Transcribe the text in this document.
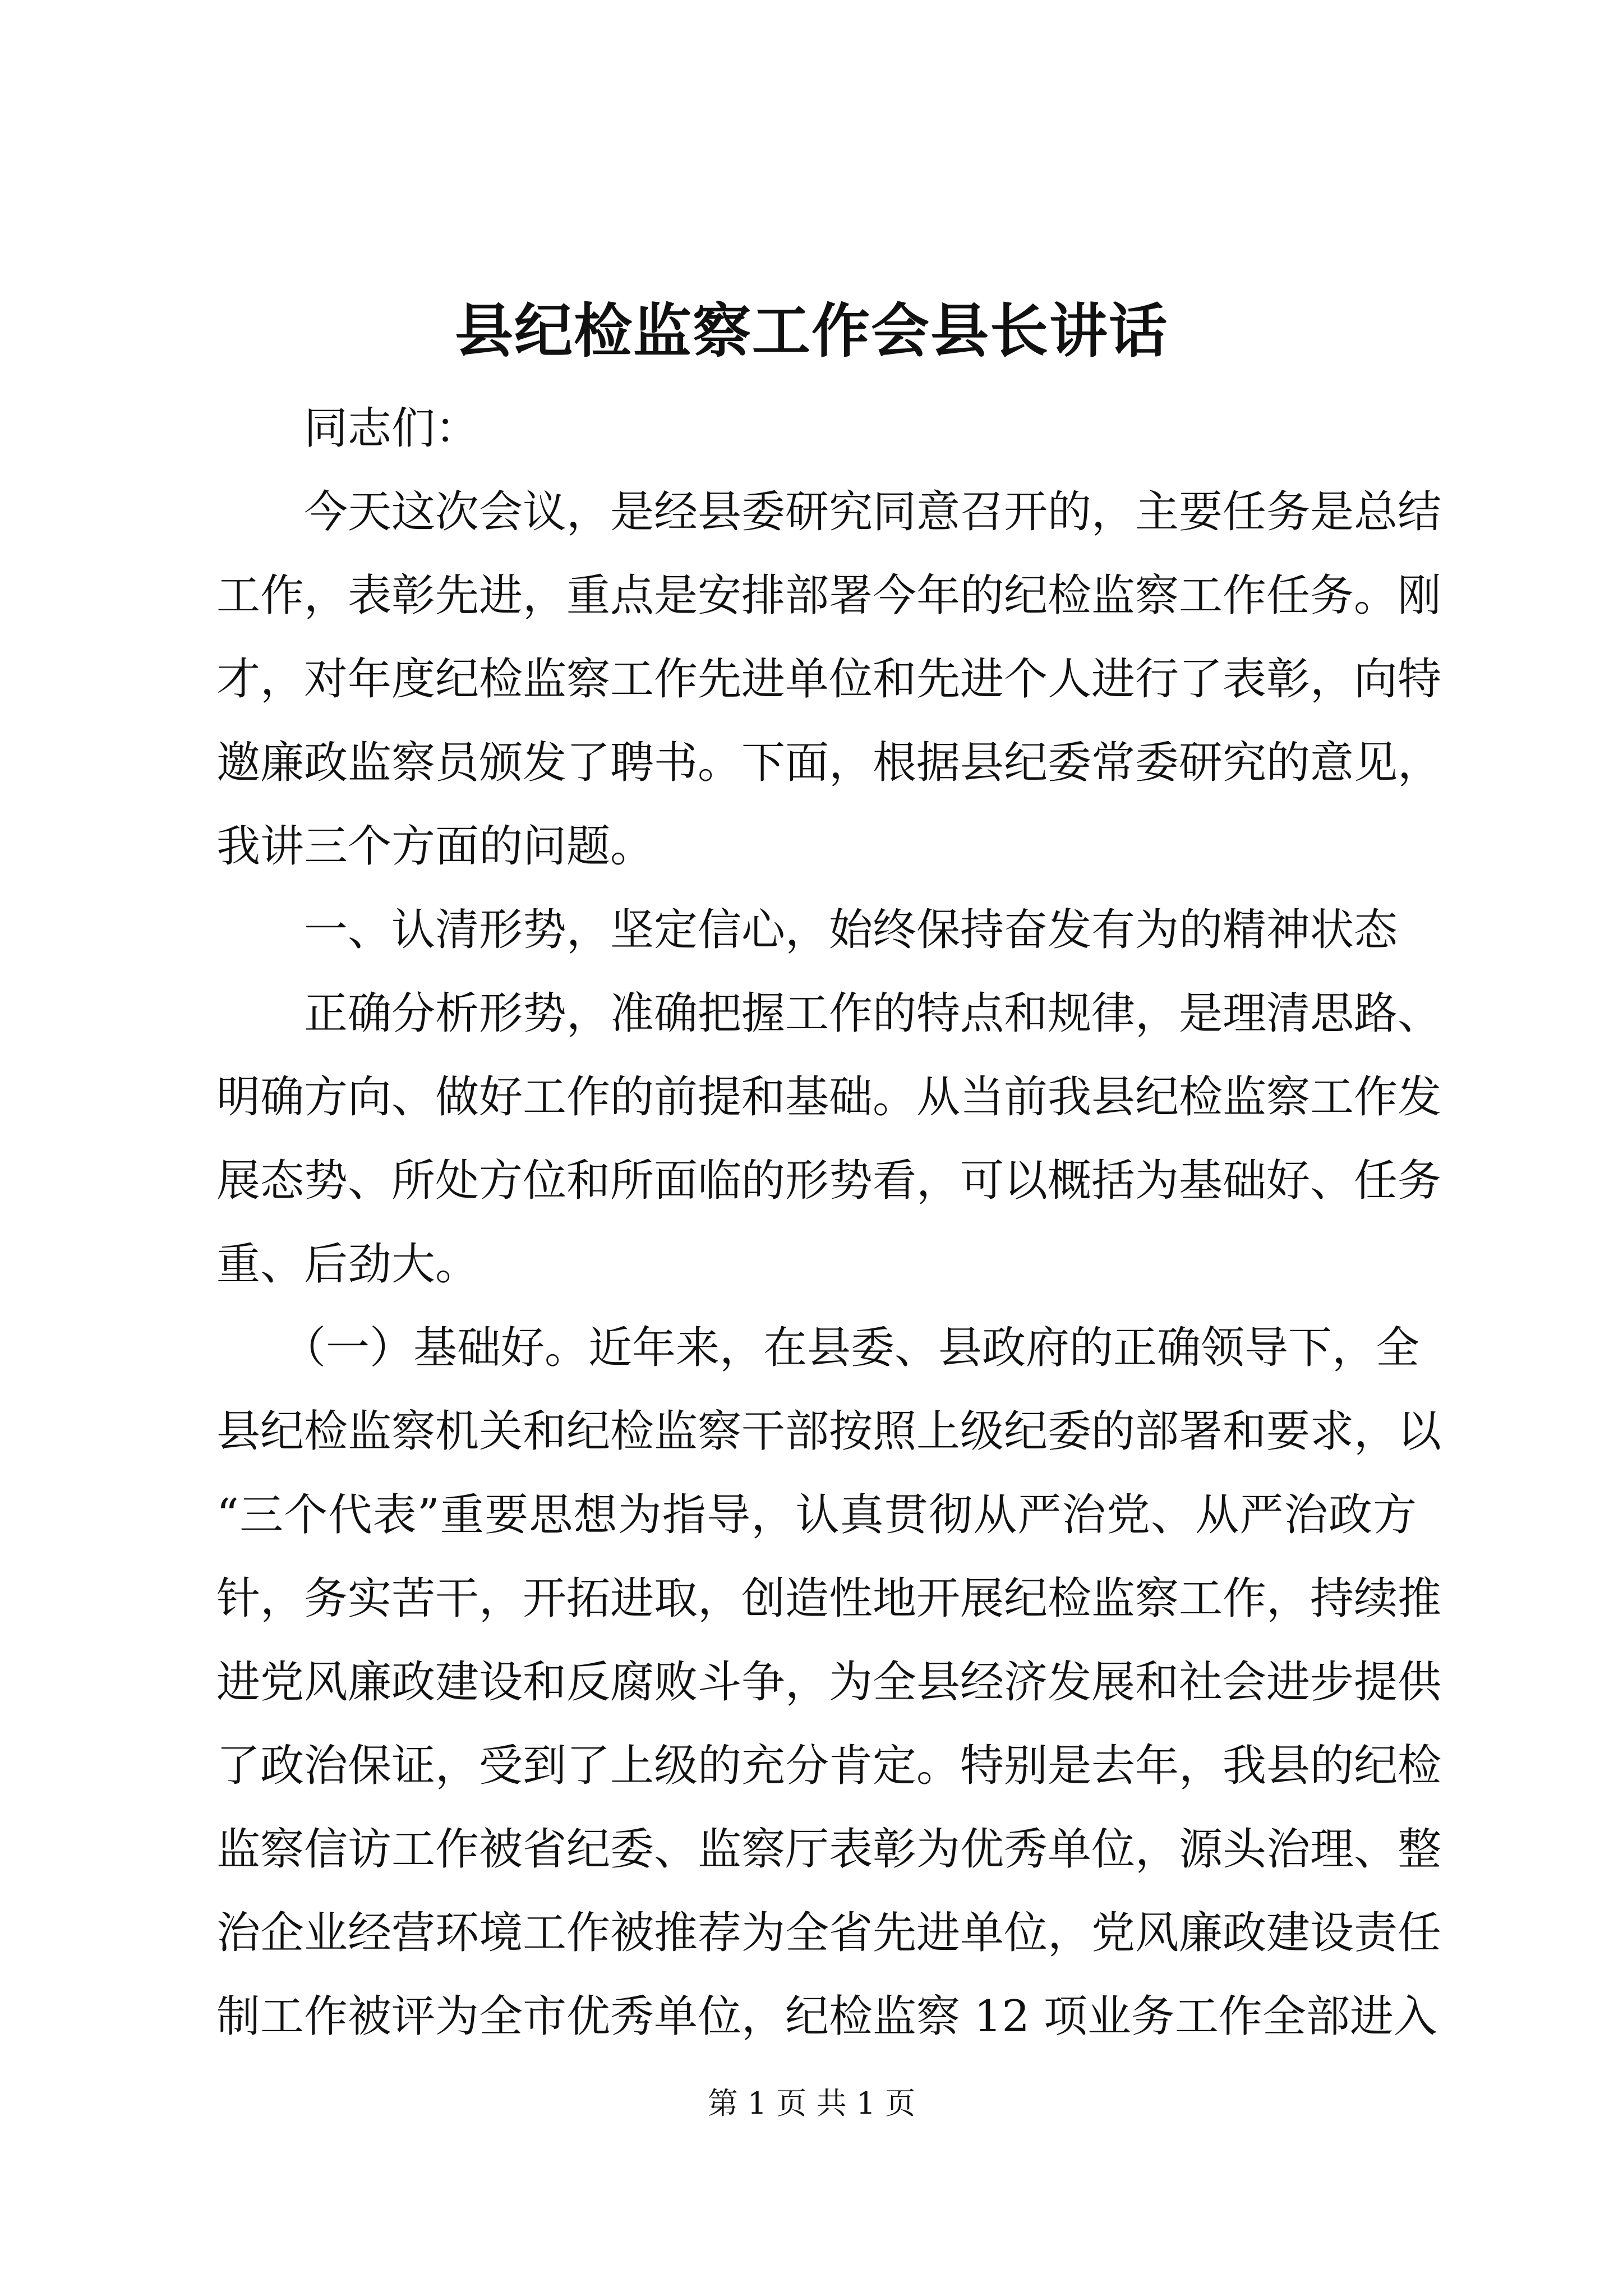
县纪检监察工作会县长讲话
　　同志们：
　　今天这次会议，是经县委研究同意召开的，主要任务是总结
工作，表彰先进，重点是安排部署今年的纪检监察工作任务。刚
才，对年度纪检监察工作先进单位和先进个人进行了表彰，向特
邀廉政监察员颁发了聘书。下面，根据县纪委常委研究的意见，
我讲三个方面的问题。
　　一、认清形势，坚定信心，始终保持奋发有为的精神状态
　　正确分析形势，准确把握工作的特点和规律，是理清思路、
明确方向、做好工作的前提和基础。从当前我县纪检监察工作发
展态势、所处方位和所面临的形势看，可以概括为基础好、任务
重、后劲大。
　　（一）基础好。近年来，在县委、县政府的正确领导下，全
县纪检监察机关和纪检监察干部按照上级纪委的部署和要求，以
“三个代表”重要思想为指导，认真贯彻从严治党、从严治政方
针，务实苦干，开拓进取，创造性地开展纪检监察工作，持续推
进党风廉政建设和反腐败斗争，为全县经济发展和社会进步提供
了政治保证，受到了上级的充分肯定。特别是去年，我县的纪检
监察信访工作被省纪委、监察厅表彰为优秀单位，源头治理、整
治企业经营环境工作被推荐为全省先进单位，党风廉政建设责任
制工作被评为全市优秀单位，纪检监察 12 项业务工作全部进入
第 1 页 共 1 页
